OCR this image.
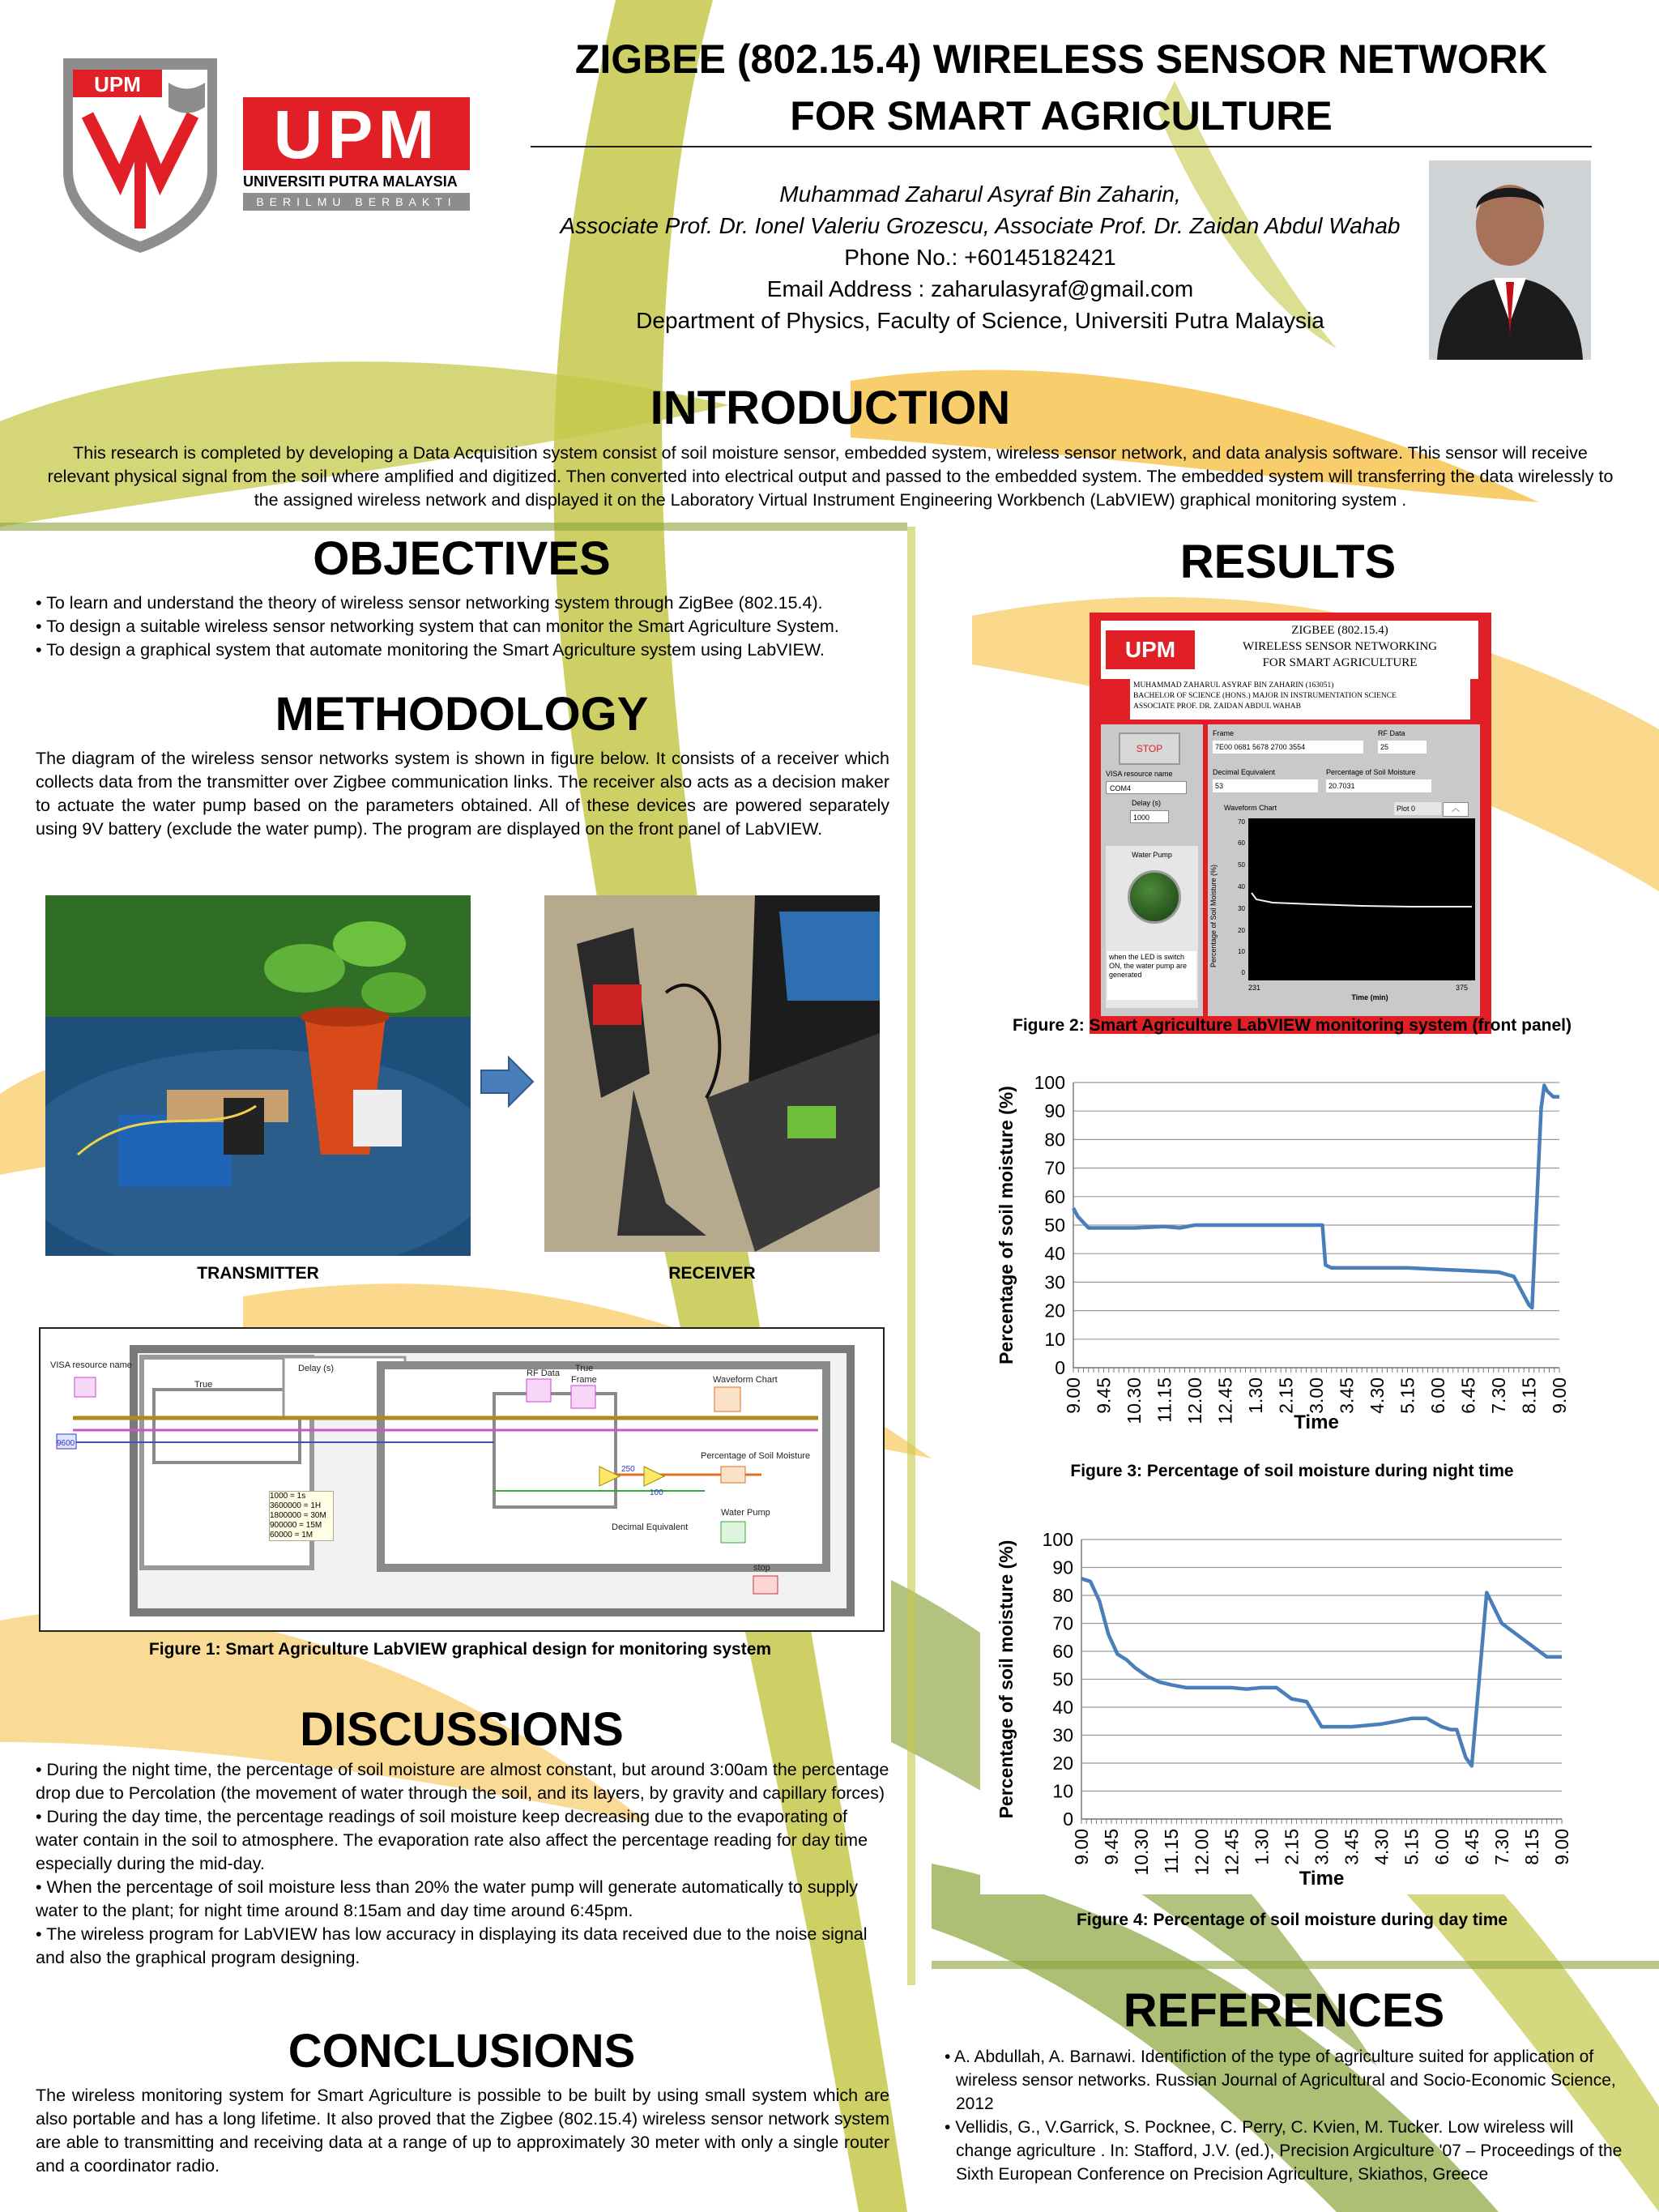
UPM
UPM
UNIVERSITI PUTRA MALAYSIA
BERILMU BERBAKTI
ZIGBEE (802.15.4) WIRELESS SENSOR NETWORK
FOR SMART AGRICULTURE
Muhammad Zaharul Asyraf Bin Zaharin,
Associate Prof. Dr. Ionel Valeriu Grozescu, Associate Prof. Dr. Zaidan Abdul Wahab
Phone No.: +60145182421
Email Address : zaharulasyraf@gmail.com
Department of Physics, Faculty of Science, Universiti Putra Malaysia
INTRODUCTION
This research is completed by developing a Data Acquisition system consist of soil moisture sensor, embedded system, wireless sensor network, and data analysis software. This sensor will receive relevant physical signal from the soil where amplified and digitized. Then converted into electrical output and passed to the embedded system. The embedded system will transferring the data wirelessly to the assigned wireless network and displayed it on the Laboratory Virtual Instrument Engineering Workbench (LabVIEW) graphical monitoring system .
OBJECTIVES
• To learn and understand the theory of wireless sensor networking system through ZigBee (802.15.4).
• To design a suitable wireless sensor networking system that can monitor the Smart Agriculture System.
• To design a graphical system that automate monitoring the Smart Agriculture system using LabVIEW.
METHODOLOGY
The diagram of the wireless sensor networks system is shown in figure below. It consists of a receiver which collects data from the transmitter over Zigbee communication links. The receiver also acts as a decision maker to actuate the water pump based on the parameters obtained. All of these devices are powered separately using 9V battery (exclude the water pump). The program are displayed on the front panel of LabVIEW.
TRANSMITTER	RECEIVER
VISA resource name	Delay (s)	RF Data
Frame
True
True
Waveform Chart
Percentage of Soil Moisture
Decimal Equivalent
Water Pump
stop
9600
250
100
1000 = 1s
3600000 = 1H
1800000 = 30M
900000 = 15M
60000 = 1M
Figure 1: Smart Agriculture LabVIEW graphical design for monitoring system
DISCUSSIONS
• During the night time, the percentage of soil moisture are almost constant, but around 3:00am the percentage drop due to Percolation (the movement of water through the soil, and its layers, by gravity and capillary forces)
• During the day time, the percentage readings of soil moisture keep decreasing due to the evaporating of water contain in the soil to atmosphere. The evaporation rate also affect the percentage reading for day time especially during the mid-day.
• When the percentage of soil moisture less than 20% the water pump will generate automatically to supply water to the plant; for night time around 8:15am and day time around 6:45pm.
• The wireless program for LabVIEW has low accuracy in displaying its data received due to the noise signal and also the graphical program designing.
CONCLUSIONS
The wireless monitoring system for Smart Agriculture is possible to be built by using small system which are also portable and has a long lifetime. It also proved that the Zigbee (802.15.4) wireless sensor network system are able to transmitting and receiving data at a range of up to approximately 30 meter with only a single router and a coordinator radio.
RESULTS
UPM
ZIGBEE (802.15.4)
WIRELESS SENSOR NETWORKING
FOR SMART AGRICULTURE
MUHAMMAD ZAHARUL ASYRAF BIN ZAHARIN (163051)
BACHELOR OF SCIENCE (HONS.) MAJOR IN INSTRUMENTATION SCIENCE
ASSOCIATE PROF. DR. ZAIDAN ABDUL WAHAB
STOP
VISA resource name
COM4
Delay (s)
1000
Water Pump
when the LED is switch ON, the water pump are generated
Frame
7E00 0681 5678 2700 3554
RF Data
25
Decimal Equivalent
53
Percentage of Soil Moisture
20.7031
Waveform Chart	Plot 0	︿
Percentage of Soil Moisture (%)
70
60
50
40
30
20
10
0
231	375
Time (min)
Figure 2: Smart Agriculture LabVIEW monitoring system (front panel)
0
10
20
30
40
50
60
70
80
90
100
9.00 9.45 10.30 11.15 12.00 12.45 1.30 2.15 3.00 3.45 4.30 5.15 6.00 6.45 7.30 8.15 9.00
Time
Percentage of soil moisture (%)
Figure 3: Percentage of soil moisture during night time
0
10
20
30
40
50
60
70
80
90
100
9.00 9.45 10.30 11.15 12.00 12.45 1.30 2.15 3.00 3.45 4.30 5.15 6.00 6.45 7.30 8.15 9.00
Time
Percentage of soil moisture (%)
Figure 4: Percentage of soil moisture during day time
REFERENCES
• A. Abdullah, A. Barnawi. Identifiction of the type of agriculture suited for application of wireless sensor networks. Russian Journal of Agricultural and Socio-Economic Science, 2012
• Vellidis, G., V.Garrick, S. Pocknee, C. Perry, C. Kvien, M. Tucker. Low wireless will change agriculture . In: Stafford, J.V. (ed.), Precision Argiculture '07 – Proceedings of the Sixth European Conference on Precision Agriculture, Skiathos, Greece
